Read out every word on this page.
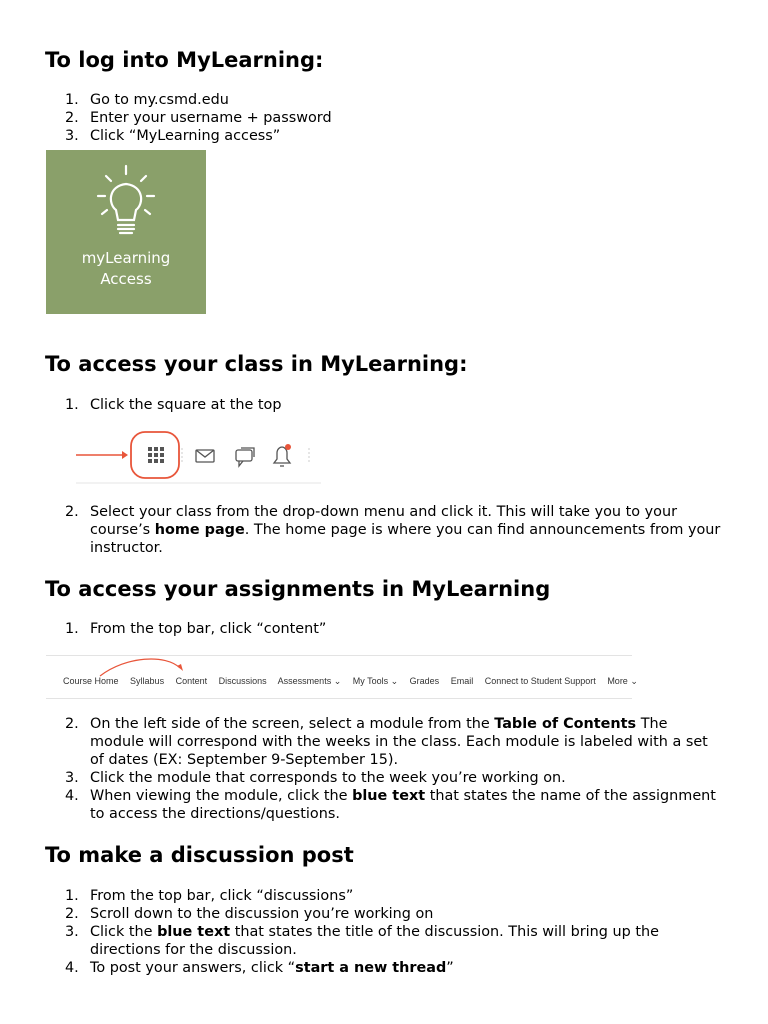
To log into MyLearning:
1. Go to my.csmd.edu
2. Enter your username + password
3. Click “MyLearning access”
myLearning
Access
To access your class in MyLearning:
1. Click the square at the top
2. Select your class from the drop-down menu and click it. This will take you to your course’s home page. The home page is where you can find announcements from your instructor.
To access your assignments in MyLearning
1. From the top bar, click “content”
Course Home Syllabus Content Discussions Assessments ⌄ My Tools ⌄ Grades Email Connect to Student Support More ⌄
2. On the left side of the screen, select a module from the Table of Contents The module will correspond with the weeks in the class. Each module is labeled with a set of dates (EX: September 9-September 15).
3. Click the module that corresponds to the week you’re working on.
4. When viewing the module, click the blue text that states the name of the assignment to access the directions/questions.
To make a discussion post
1. From the top bar, click “discussions”
2. Scroll down to the discussion you’re working on
3. Click the blue text that states the title of the discussion. This will bring up the directions for the discussion.
4. To post your answers, click “start a new thread”
